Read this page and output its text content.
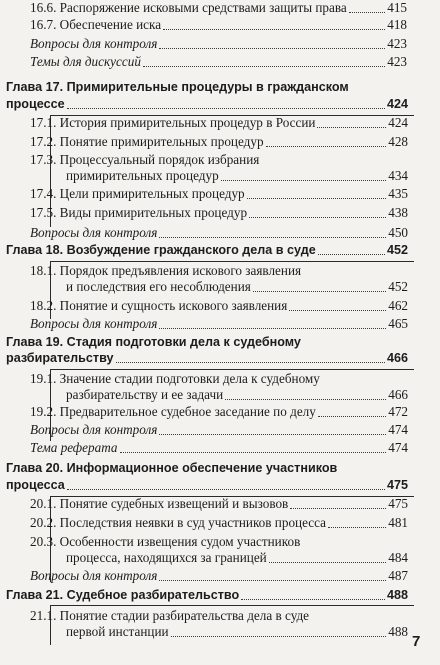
16.6. Распоряжение исковыми средствами защиты права	415
16.7. Обеспечение иска	418
Вопросы для контроля	423
Темы для дискуссий	423
Глава 17. Примирительные процедуры в гражданском
процессе	424
17.1. История примирительных процедур в России	424
17.2. Понятие примирительных процедур	428
17.3. Процессуальный порядок избрания
примирительных процедур	434
17.4. Цели примирительных процедур	435
17.5. Виды примирительных процедур	438
Вопросы для контроля	450
Глава 18. Возбуждение гражданского дела в суде	452
18.1. Порядок предъявления искового заявления
и последствия его несоблюдения	452
18.2. Понятие и сущность искового заявления	462
Вопросы для контроля	465
Глава 19. Стадия подготовки дела к судебному
разбирательству	466
19.1. Значение стадии подготовки дела к судебному
разбирательству и ее задачи	466
19.2. Предварительное судебное заседание по делу	472
Вопросы для контроля	474
Тема реферата	474
Глава 20. Информационное обеспечение участников
процесса	475
20.1. Понятие судебных извещений и вызовов	475
20.2. Последствия неявки в суд участников процесса	481
20.3. Особенности извещения судом участников
процесса, находящихся за границей	484
Вопросы для контроля	487
Глава 21. Судебное разбирательство	488
21.1. Понятие стадии разбирательства дела в суде
первой инстанции	488
7
